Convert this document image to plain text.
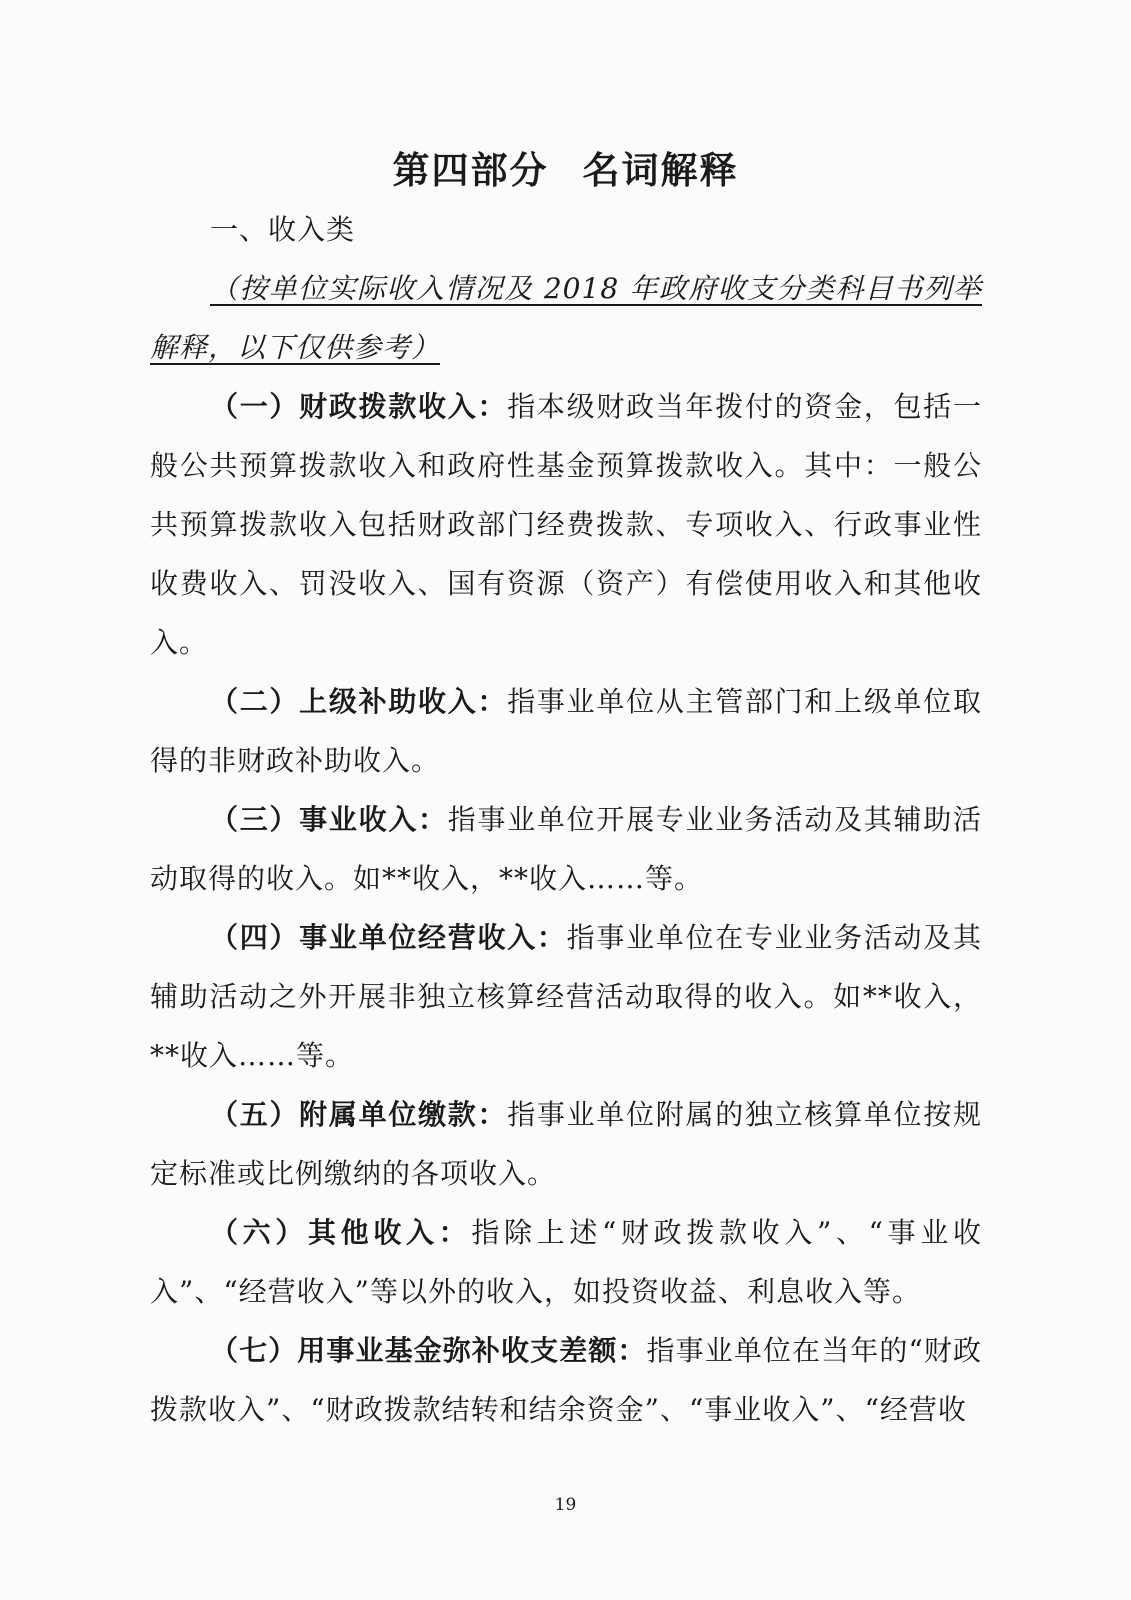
第四部分 名词解释

一、收入类

（按单位实际收入情况及 2018 年政府收支分类科目书列举解释，以下仅供参考）

（一）财政拨款收入：指本级财政当年拨付的资金，包括一般公共预算拨款收入和政府性基金预算拨款收入。其中：一般公共预算拨款收入包括财政部门经费拨款、专项收入、行政事业性收费收入、罚没收入、国有资源（资产）有偿使用收入和其他收入。

（二）上级补助收入：指事业单位从主管部门和上级单位取得的非财政补助收入。

（三）事业收入：指事业单位开展专业业务活动及其辅助活动取得的收入。如**收入，**收入……等。

（四）事业单位经营收入：指事业单位在专业业务活动及其辅助活动之外开展非独立核算经营活动取得的收入。如**收入，**收入……等。

（五）附属单位缴款：指事业单位附属的独立核算单位按规定标准或比例缴纳的各项收入。

（六）其他收入：指除上述“财政拨款收入”、“事业收入”、“经营收入”等以外的收入，如投资收益、利息收入等。

（七）用事业基金弥补收支差额：指事业单位在当年的“财政拨款收入”、“财政拨款结转和结余资金”、“事业收入”、“经营收

19
